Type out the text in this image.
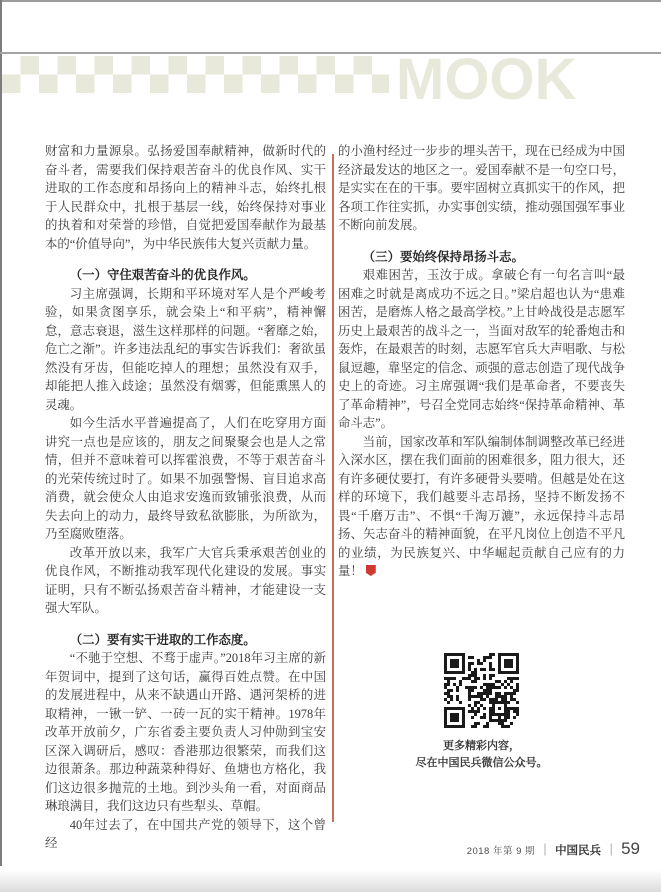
MOOK

财富和力量源泉。弘扬爱国奉献精神，做新时代的奋斗者，需要我们保持艰苦奋斗的优良作风、实干进取的工作态度和昂扬向上的精神斗志，始终扎根于人民群众中，扎根于基层一线，始终保持对事业的执着和对荣誉的珍惜，自觉把爱国奉献作为最基本的“价值导向”，为中华民族伟大复兴贡献力量。

（一）守住艰苦奋斗的优良作风。

习主席强调，长期和平环境对军人是个严峻考验，如果贪图享乐，就会染上“和平病”，精神懈怠，意志衰退，滋生这样那样的问题。“奢靡之始，危亡之渐”。许多违法乱纪的事实告诉我们：奢欲虽然没有牙齿，但能吃掉人的理想；虽然没有双手，却能把人推入歧途；虽然没有烟雾，但能熏黑人的灵魂。

如今生活水平普遍提高了，人们在吃穿用方面讲究一点也是应该的，朋友之间聚聚会也是人之常情，但并不意味着可以挥霍浪费，不等于艰苦奋斗的光荣传统过时了。如果不加强警惕、盲目追求高消费，就会使众人由追求安逸而致铺张浪费，从而失去向上的动力，最终导致私欲膨胀，为所欲为，乃至腐败堕落。

改革开放以来，我军广大官兵秉承艰苦创业的优良作风，不断推动我军现代化建设的发展。事实证明，只有不断弘扬艰苦奋斗精神，才能建设一支强大军队。

（二）要有实干进取的工作态度。

“不驰于空想、不骛于虚声。”2018年习主席的新年贺词中，提到了这句话，赢得百姓点赞。在中国的发展进程中，从来不缺遇山开路、遇河架桥的进取精神，一锹一铲、一砖一瓦的实干精神。1978年改革开放前夕，广东省委主要负责人习仲勋到宝安区深入调研后，感叹：香港那边很繁荣，而我们这边很萧条。那边种蔬菜种得好、鱼塘也方格化，我们这边很多抛荒的土地。到沙头角一看，对面商品琳琅满目，我们这边只有些犁头、草帽。

40年过去了，在中国共产党的领导下，这个曾经

的小渔村经过一步步的埋头苦干，现在已经成为中国经济最发达的地区之一。爱国奉献不是一句空口号，是实实在在的干事。要牢固树立真抓实干的作风，把各项工作往实抓，办实事创实绩，推动强国强军事业不断向前发展。

（三）要始终保持昂扬斗志。

艰难困苦，玉汝于成。拿破仑有一句名言叫“最困难之时就是离成功不远之日。”梁启超也认为“患难困苦，是磨炼人格之最高学校。”上甘岭战役是志愿军历史上最艰苦的战斗之一，当面对敌军的轮番炮击和轰炸，在最艰苦的时刻，志愿军官兵大声唱歌、与松鼠逗趣，靠坚定的信念、顽强的意志创造了现代战争史上的奇迹。习主席强调“我们是革命者，不要丧失了革命精神”，号召全党同志始终“保持革命精神、革命斗志”。

当前，国家改革和军队编制体制调整改革已经进入深水区，摆在我们面前的困难很多，阻力很大，还有许多硬仗要打，有许多硬骨头要啃。但越是处在这样的环境下，我们越要斗志昂扬，坚持不断发扬不畏“千磨万击”、不惧“千淘万漉”，永远保持斗志昂扬、矢志奋斗的精神面貌，在平凡岗位上创造不平凡的业绩，为民族复兴、中华崛起贡献自己应有的力量！

更多精彩内容，
尽在中国民兵微信公众号。
2018 年第 9 期 ｜ 中国民兵 ｜ 59
